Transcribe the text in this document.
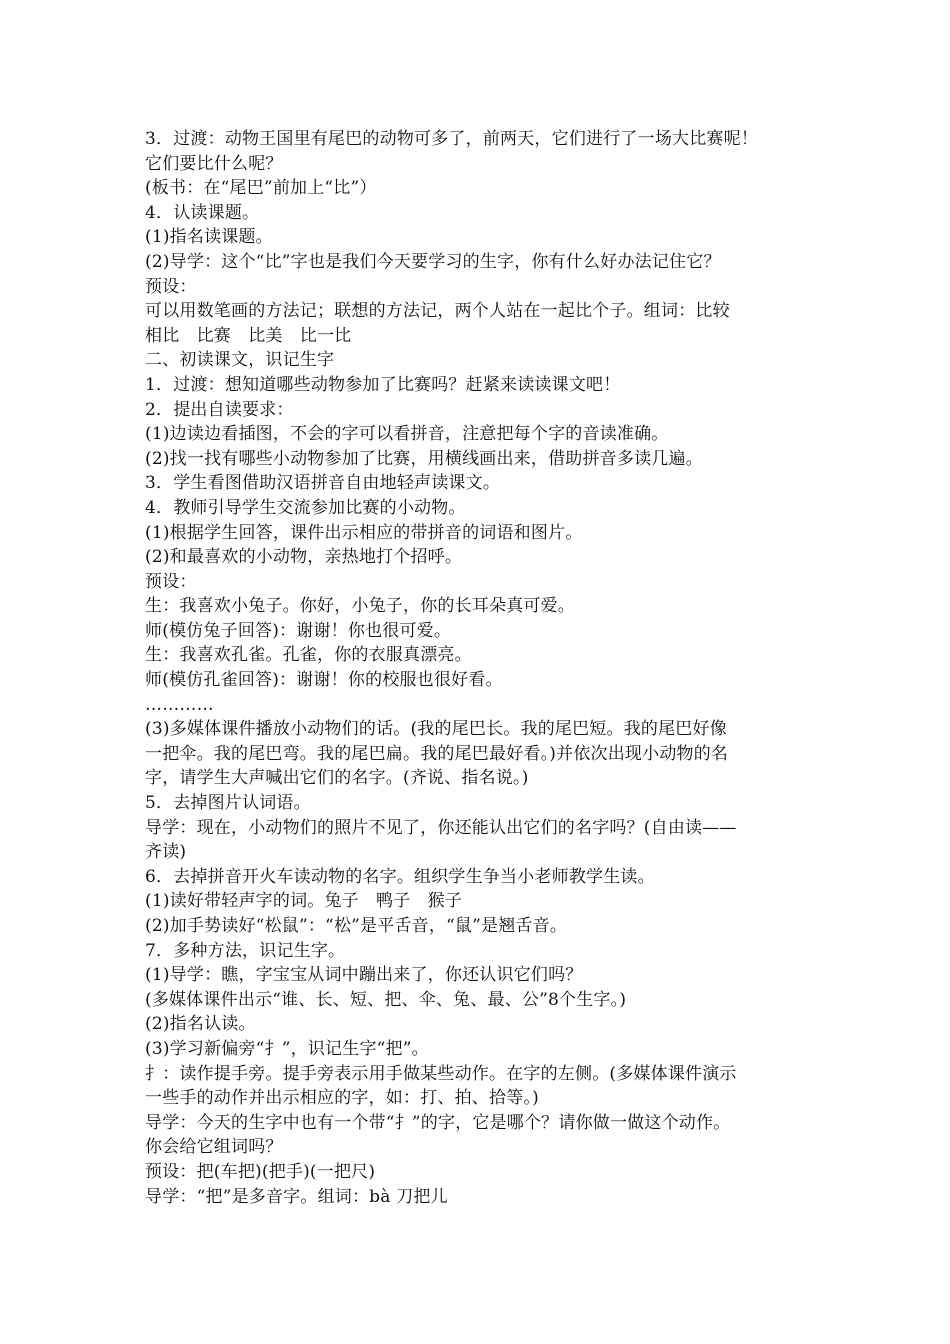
3．过渡：动物王国里有尾巴的动物可多了，前两天，它们进行了一场大比赛呢！
它们要比什么呢？
(板书：在“尾巴”前加上“比”）
4．认读课题。
(1)指名读课题。
(2)导学：这个“比”字也是我们今天要学习的生字，你有什么好办法记住它？
预设：
可以用数笔画的方法记；联想的方法记，两个人站在一起比个子。组词：比较
相比　比赛　比美　比一比
二、初读课文，识记生字
1．过渡：想知道哪些动物参加了比赛吗？赶紧来读读课文吧！
2．提出自读要求：
(1)边读边看插图，不会的字可以看拼音，注意把每个字的音读准确。
(2)找一找有哪些小动物参加了比赛，用横线画出来，借助拼音多读几遍。
3．学生看图借助汉语拼音自由地轻声读课文。
4．教师引导学生交流参加比赛的小动物。
(1)根据学生回答，课件出示相应的带拼音的词语和图片。
(2)和最喜欢的小动物，亲热地打个招呼。
预设：
生：我喜欢小兔子。你好，小兔子，你的长耳朵真可爱。
师(模仿兔子回答)：谢谢！你也很可爱。
生：我喜欢孔雀。孔雀，你的衣服真漂亮。
师(模仿孔雀回答)：谢谢！你的校服也很好看。
…………
(3)多媒体课件播放小动物们的话。(我的尾巴长。我的尾巴短。我的尾巴好像
一把伞。我的尾巴弯。我的尾巴扁。我的尾巴最好看。)并依次出现小动物的名
字，请学生大声喊出它们的名字。(齐说、指名说。)
5．去掉图片认词语。
导学：现在，小动物们的照片不见了，你还能认出它们的名字吗？(自由读——
齐读)
6．去掉拼音开火车读动物的名字。组织学生争当小老师教学生读。
(1)读好带轻声字的词。兔子　鸭子　猴子
(2)加手势读好“松鼠”：“松”是平舌音，“鼠”是翘舌音。
7．多种方法，识记生字。
(1)导学：瞧，字宝宝从词中蹦出来了，你还认识它们吗？
(多媒体课件出示“谁、长、短、把、伞、兔、最、公”8个生字。)
(2)指名认读。
(3)学习新偏旁“扌”，识记生字“把”。
扌：读作提手旁。提手旁表示用手做某些动作。在字的左侧。(多媒体课件演示
一些手的动作并出示相应的字，如：打、拍、拾等。)
导学：今天的生字中也有一个带“扌”的字，它是哪个？请你做一做这个动作。
你会给它组词吗？
预设：把(车把)(把手)(一把尺)
导学：“把”是多音字。组词：bà 刀把儿
